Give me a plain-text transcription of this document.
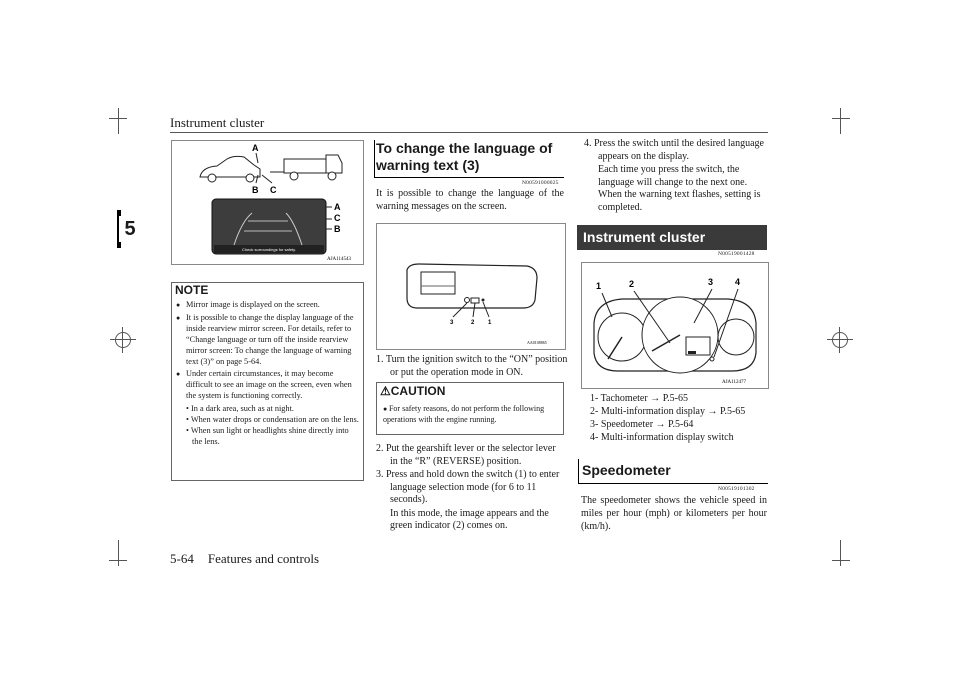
Instrument cluster
5
A
B C
Check surroundings for safety.
A
C
B
AJA114543
NOTE
● Mirror image is displayed on the screen.
● It is possible to change the display language of the inside rearview mirror screen. For details, refer to “Change language or turn off the inside rearview mirror screen: To change the language of warning text (3)” on page 5-64.
● Under certain circumstances, it may become difficult to see an image on the screen, even when the system is functioning correctly.
• In a dark area, such as at night.
• When water drops or condensation are on the lens.
• When sun light or headlights shine directly into the lens.
To change the language of warning text (3)
N00591000025
It is possible to change the language of the warning messages on the screen.
3	2 1
AA0108865
1. Turn the ignition switch to the “ON” position or put the operation mode in ON.
⚠CAUTION
● For safety reasons, do not perform the following operations with the engine running.
2. Put the gearshift lever or the selector lever in the “R” (REVERSE) position.
3. Press and hold down the switch (1) to enter language selection mode (for 6 to 11 seconds).
In this mode, the image appears and the green indicator (2) comes on.
4. Press the switch until the desired language appears on the display.
Each time you press the switch, the language will change to the next one. When the warning text flashes, setting is completed.
Instrument cluster
N00519001428
1	2	3 4
AJA112477
1- Tachometer → P.5-65
2- Multi-information display → P.5-65
3- Speedometer → P.5-64
4- Multi-information display switch
Speedometer
N00519101302
The speedometer shows the vehicle speed in miles per hour (mph) or kilometers per hour (km/h).
5-64 Features and controls
